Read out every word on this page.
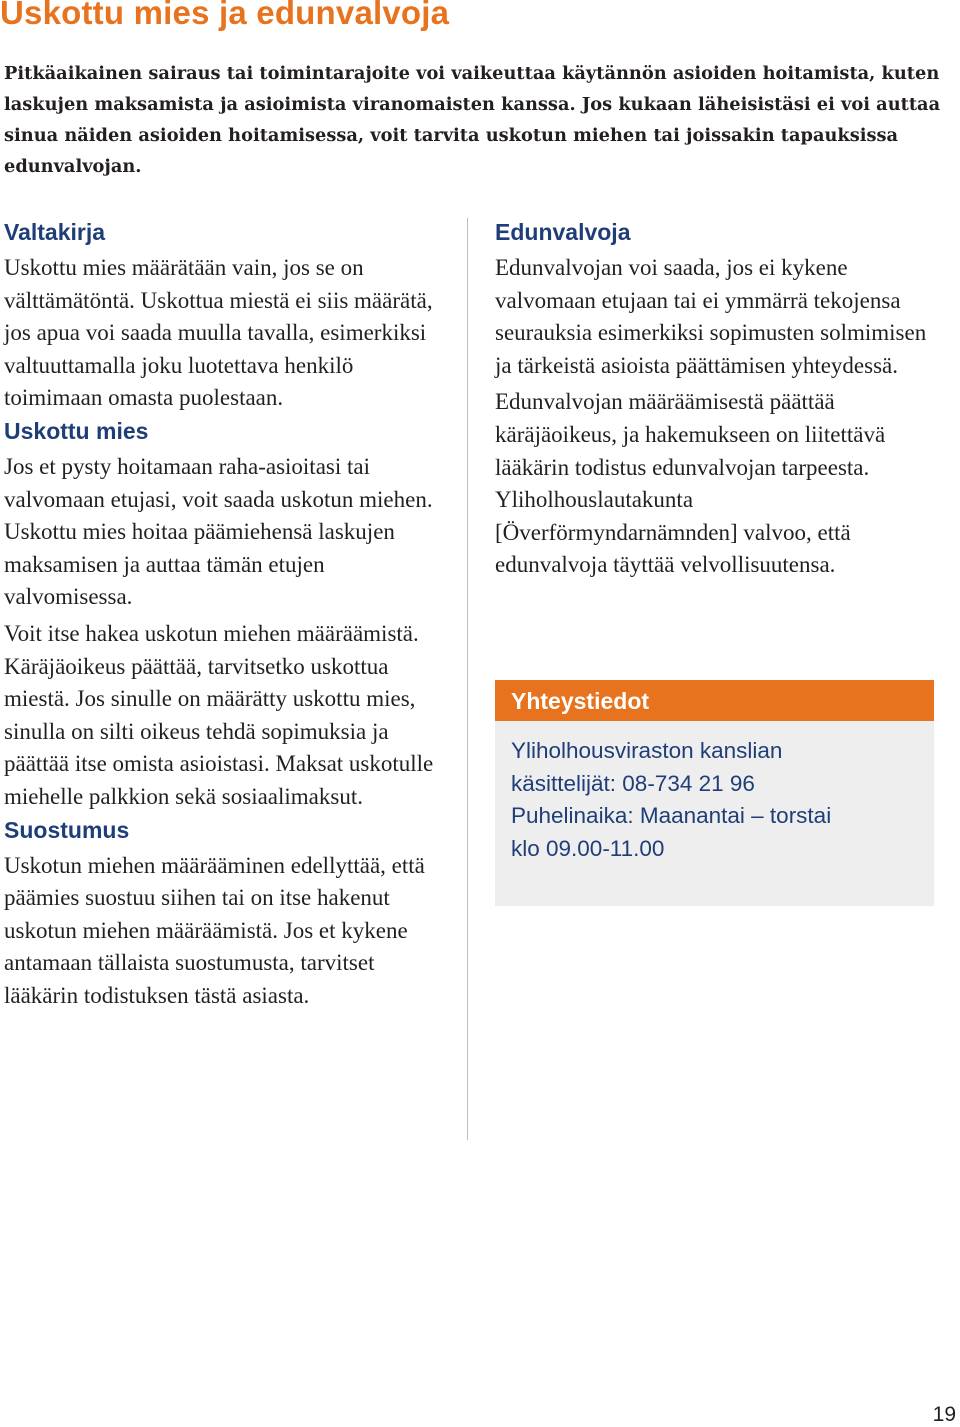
Uskottu mies ja edunvalvoja

Pitkäaikainen sairaus tai toimintarajoite voi vaikeuttaa käytännön asioiden hoitamista, kuten laskujen maksamista ja asioimista viranomaisten kanssa. Jos kukaan läheisistäsi ei voi auttaa sinua näiden asioiden hoitamisessa, voit tarvita uskotun miehen tai joissakin tapauksissa edunvalvojan.

Valtakirja

Uskottu mies määrätään vain, jos se on välttämätöntä. Uskottua miestä ei siis määrätä, jos apua voi saada muulla tavalla, esimerkiksi valtuuttamalla joku luotettava henkilö toimimaan omasta puolestaan.

Uskottu mies

Jos et pysty hoitamaan raha-asioitasi tai valvomaan etujasi, voit saada uskotun miehen. Uskottu mies hoitaa päämiehensä laskujen maksamisen ja auttaa tämän etujen valvomisessa.

Voit itse hakea uskotun miehen määräämistä. Käräjäoikeus päättää, tarvitsetko uskottua miestä. Jos sinulle on määrätty uskottu mies, sinulla on silti oikeus tehdä sopimuksia ja päättää itse omista asioistasi. Maksat uskotulle miehelle palkkion sekä sosiaalimaksut.

Suostumus

Uskotun miehen määrääminen edellyttää, että päämies suostuu siihen tai on itse hakenut uskotun miehen määräämistä. Jos et kykene antamaan tällaista suostumusta, tarvitset lääkärin todistuksen tästä asiasta.

Edunvalvoja

Edunvalvojan voi saada, jos ei kykene valvomaan etujaan tai ei ymmärrä tekojensa seurauksia esimerkiksi sopimusten solmimisen ja tärkeistä asioista päättämisen yhteydessä.

Edunvalvojan määräämisestä päättää käräjäoikeus, ja hakemukseen on liitettävä lääkärin todistus edunvalvojan tarpeesta. Yliholhouslautakunta [Överförmyndarnämnden] valvoo, että edunvalvoja täyttää velvollisuutensa.

Yhteystiedot
Yliholhousviraston kanslian
käsittelijät: 08-734 21 96
Puhelinaika: Maanantai – torstai
klo 09.00-11.00
19
